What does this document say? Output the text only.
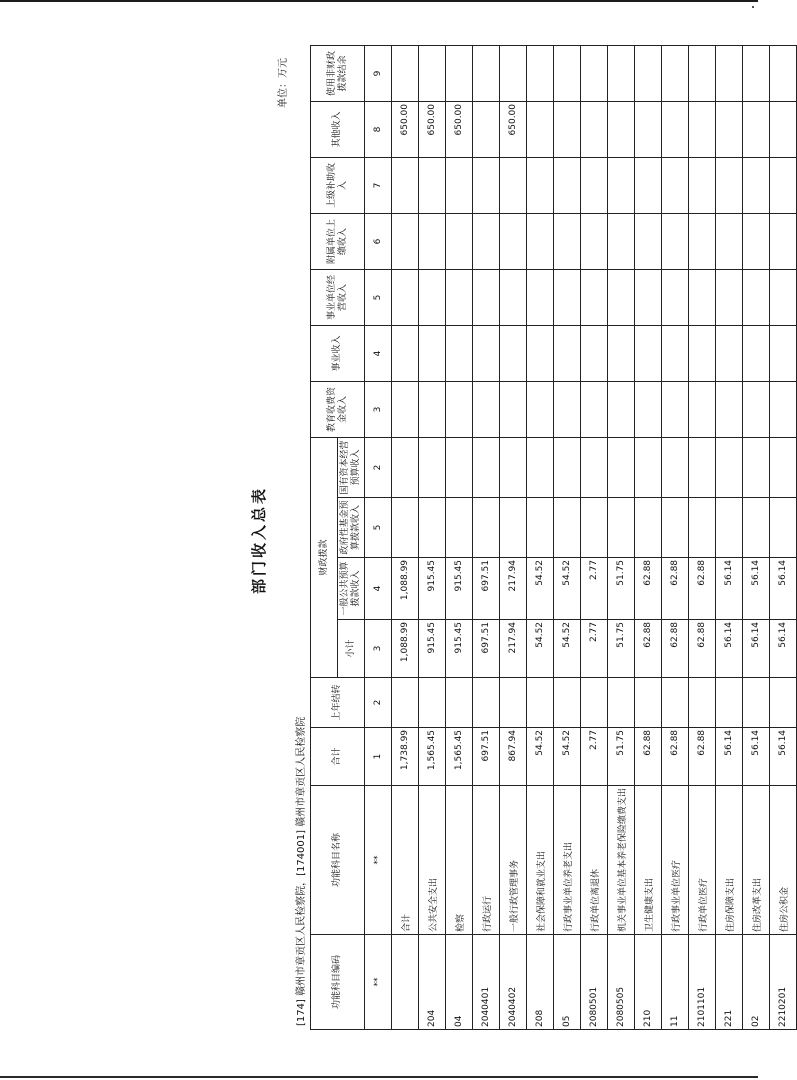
部门收入总表
单位：万元
[174] 赣州市章贡区人民检察院，[174001] 赣州市章贡区人民检察院	功能科目编码	功能科目名称	合计	上年结转	财政拨款				教育收费资金收入	事业收入	事业单位经营收入	附属单位上缴收入	上级补助收入	其他收入	使用非财政拨款结余
				小计	一般公共预算拨款收入	政府性基金预算拨款收入	国有资本经营预算收入							
**	**	1	2	3	4	5	2	3	4	5	6	7	8	9
	合计	1,738.99		1,088.99	1,088.99								650.00	
204	公共安全支出	1,565.45		915.45	915.45								650.00	
04	检察	1,565.45		915.45	915.45								650.00	
2040401	行政运行	697.51		697.51	697.51									
2040402	一般行政管理事务	867.94		217.94	217.94								650.00	
208	社会保障和就业支出	54.52		54.52	54.52									
05	行政事业单位养老支出	54.52		54.52	54.52									
2080501	行政单位离退休	2.77		2.77	2.77									
2080505	机关事业单位基本养老保险缴费支出	51.75		51.75	51.75									
210	卫生健康支出	62.88		62.88	62.88									
11	行政事业单位医疗	62.88		62.88	62.88									
2101101	行政单位医疗	62.88		62.88	62.88									
221	住房保障支出	56.14		56.14	56.14									
02	住房改革支出	56.14		56.14	56.14									
2210201	住房公积金	56.14		56.14	56.14									
